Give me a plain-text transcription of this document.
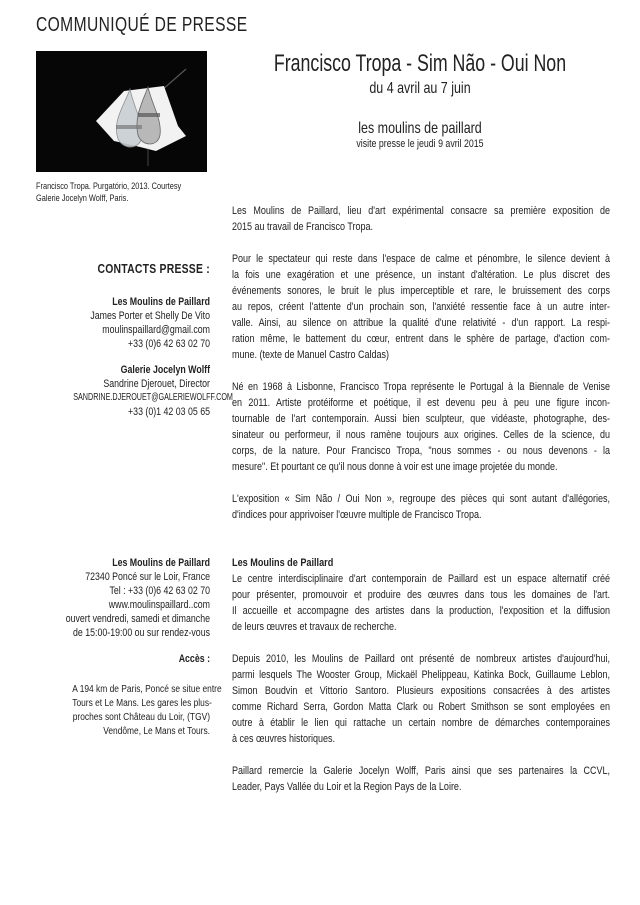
COMMUNIQUÉ DE PRESSE
Francisco Tropa. Purgatório, 2013. Courtesy
Galerie Jocelyn Wolff, Paris.
Francisco Tropa - Sim Não - Oui Non
du 4 avril au 7 juin
les moulins de paillard
visite presse le jeudi 9 avril 2015
CONTACTS PRESSE :
Les Moulins de Paillard
James Porter et Shelly De Vito
moulinspaillard@gmail.com
+33 (0)6 42 63 02 70
Galerie Jocelyn Wolff
Sandrine Djerouet, Director
SANDRINE.DJEROUET@GALERIEWOLFF.COM
+33 (0)1 42 03 05 65
Les Moulins de Paillard
72340 Poncé sur le Loir, France
Tel : +33 (0)6 42 63 02 70
www.moulinspaillard..com
ouvert vendredi, samedi et dimanche
de 15:00-19:00 ou sur rendez-vous
Accès :
A 194 km de Paris, Poncé se situe entre
Tours et Le Mans. Les gares les plus-
proches sont Château du Loir, (TGV)
Vendôme, Le Mans et Tours.
Les Moulins de Paillard, lieu d'art expérimental consacre sa première exposition de
2015 au travail de Francisco Tropa.
Pour le spectateur qui reste dans l'espace de calme et pénombre, le silence devient à
la fois une exagération et une présence, un instant d'altération. Le plus discret des
événements sonores, le bruit le plus imperceptible et rare, le bruissement des corps
au repos, créent l'attente d'un prochain son, l'anxiété ressentie face à un autre inter-
valle. Ainsi, au silence on attribue la qualité d'une relativité - d'un rapport. La respi-
ration même, le battement du cœur, entrent dans le sphère de partage, d'action com-
mune. (texte de Manuel Castro Caldas)
Né en 1968 à Lisbonne, Francisco Tropa représente le Portugal à la Biennale de Venise
en 2011. Artiste protéiforme et poétique, il est devenu peu à peu une figure incon-
tournable de l'art contemporain. Aussi bien sculpteur, que vidéaste, photographe, des-
sinateur ou performeur, il nous ramène toujours aux origines. Celles de la science, du
corps, de la nature. Pour Francisco Tropa, "nous sommes - ou nous devenons - la
mesure". Et pourtant ce qu'il nous donne à voir est une image projetée du monde.
L'exposition « Sim Não / Oui Non », regroupe des pièces qui sont autant d'allégories,
d'indices pour apprivoiser l'œuvre multiple de Francisco Tropa.
Les Moulins de Paillard
Le centre interdisciplinaire d'art contemporain de Paillard est un espace alternatif créé
pour présenter, promouvoir et produire des œuvres dans tous les domaines de l'art.
Il accueille et accompagne des artistes dans la production, l'exposition et la diffusion
de leurs œuvres et travaux de recherche.
Depuis 2010, les Moulins de Paillard ont présenté de nombreux artistes d'aujourd'hui,
parmi lesquels The Wooster Group, Mickaël Phelippeau, Katinka Bock, Guillaume Leblon,
Simon Boudvin et Vittorio Santoro. Plusieurs expositions consacrées à des artistes
comme Richard Serra, Gordon Matta Clark ou Robert Smithson se sont employées en
outre à établir le lien qui rattache un certain nombre de démarches contemporaines
à ces œuvres historiques.
Paillard remercie la Galerie Jocelyn Wolff, Paris ainsi que ses partenaires la CCVL,
Leader, Pays Vallée du Loir et la Region Pays de la Loire.
